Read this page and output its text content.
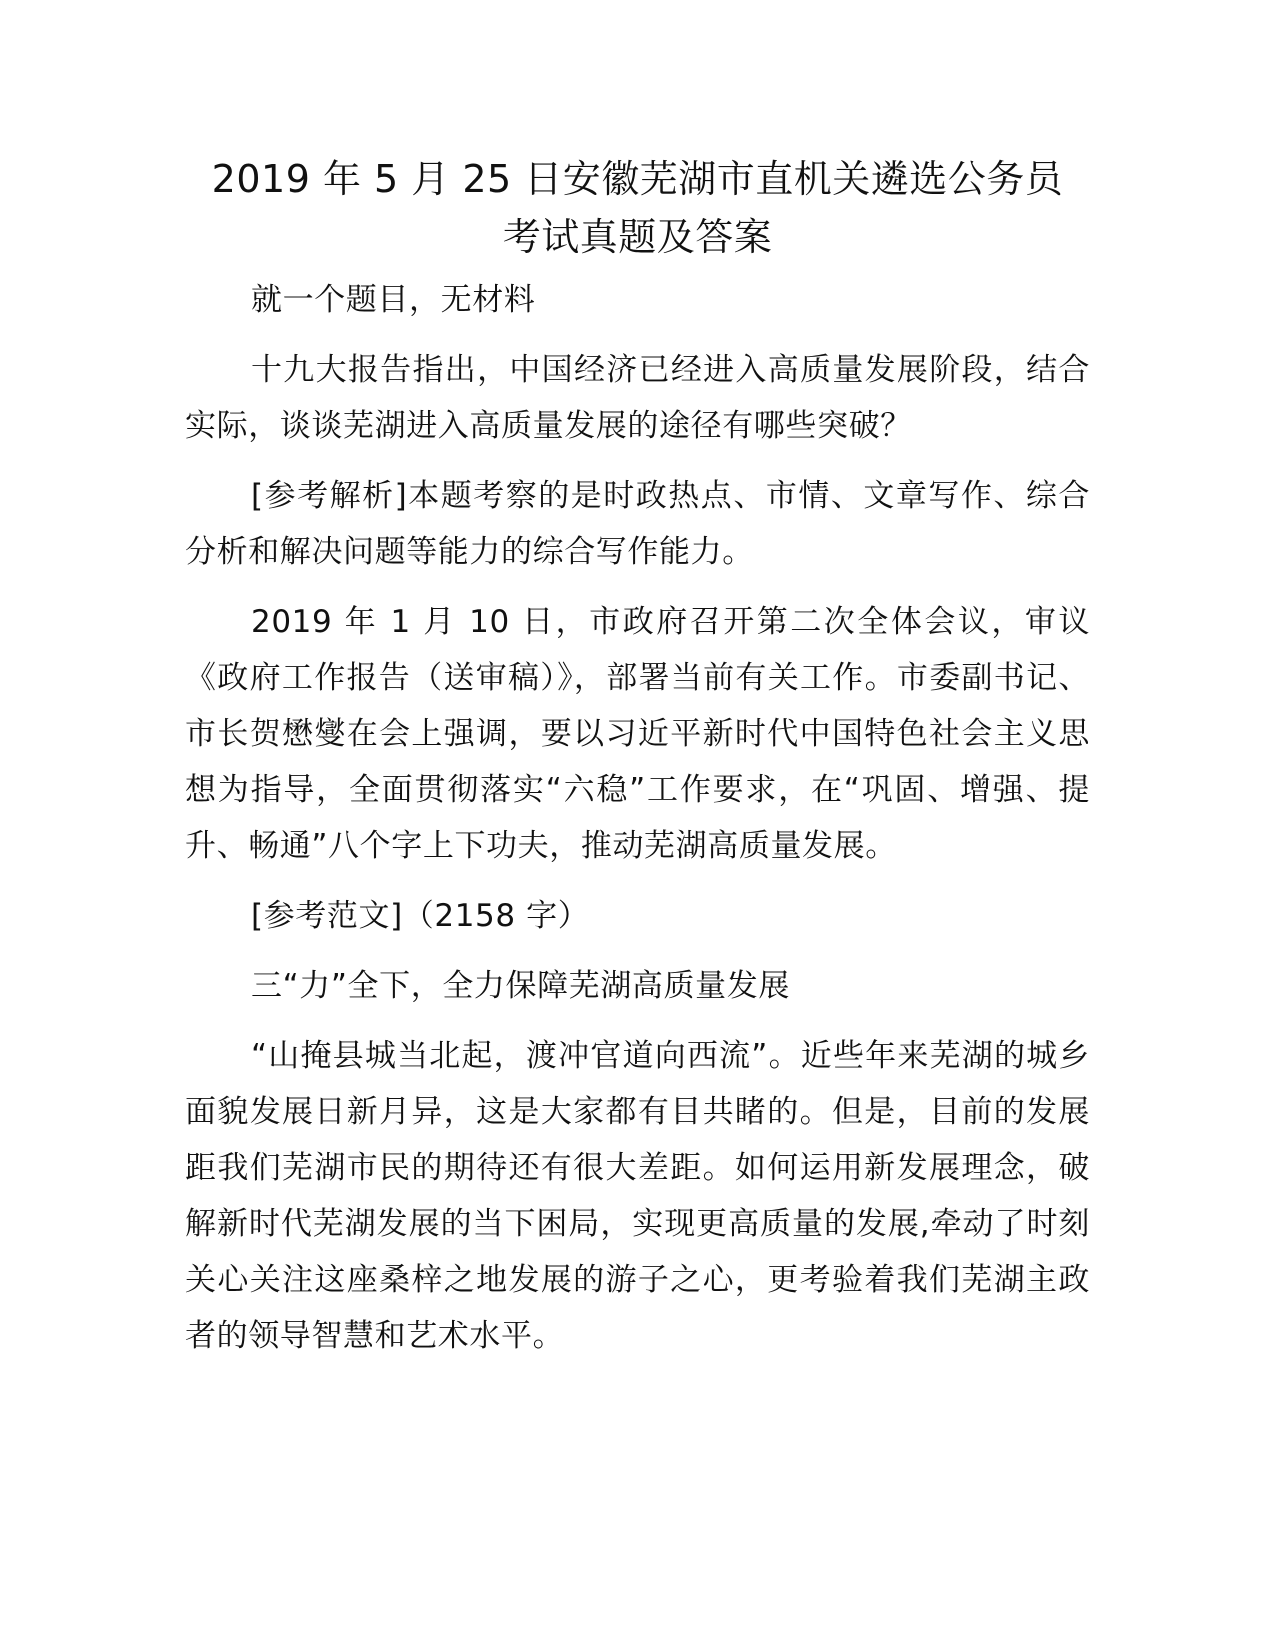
2019 年 5 月 25 日安徽芜湖市直机关遴选公务员
考试真题及答案

就一个题目，无材料

十九大报告指出，中国经济已经进入高质量发展阶段，结合实际，谈谈芜湖进入高质量发展的途径有哪些突破？

[参考解析]本题考察的是时政热点、市情、文章写作、综合分析和解决问题等能力的综合写作能力。

2019 年 1 月 10 日，市政府召开第二次全体会议，审议《政府工作报告（送审稿）》，部署当前有关工作。市委副书记、市长贺懋燮在会上强调，要以习近平新时代中国特色社会主义思想为指导，全面贯彻落实“六稳”工作要求，在“巩固、增强、提升、畅通”八个字上下功夫，推动芜湖高质量发展。

[参考范文]（2158 字）

三“力”全下，全力保障芜湖高质量发展

“山掩县城当北起，渡冲官道向西流”。近些年来芜湖的城乡面貌发展日新月异，这是大家都有目共睹的。但是，目前的发展距我们芜湖市民的期待还有很大差距。如何运用新发展理念，破解新时代芜湖发展的当下困局，实现更高质量的发展,牵动了时刻关心关注这座桑梓之地发展的游子之心，更考验着我们芜湖主政者的领导智慧和艺术水平。
